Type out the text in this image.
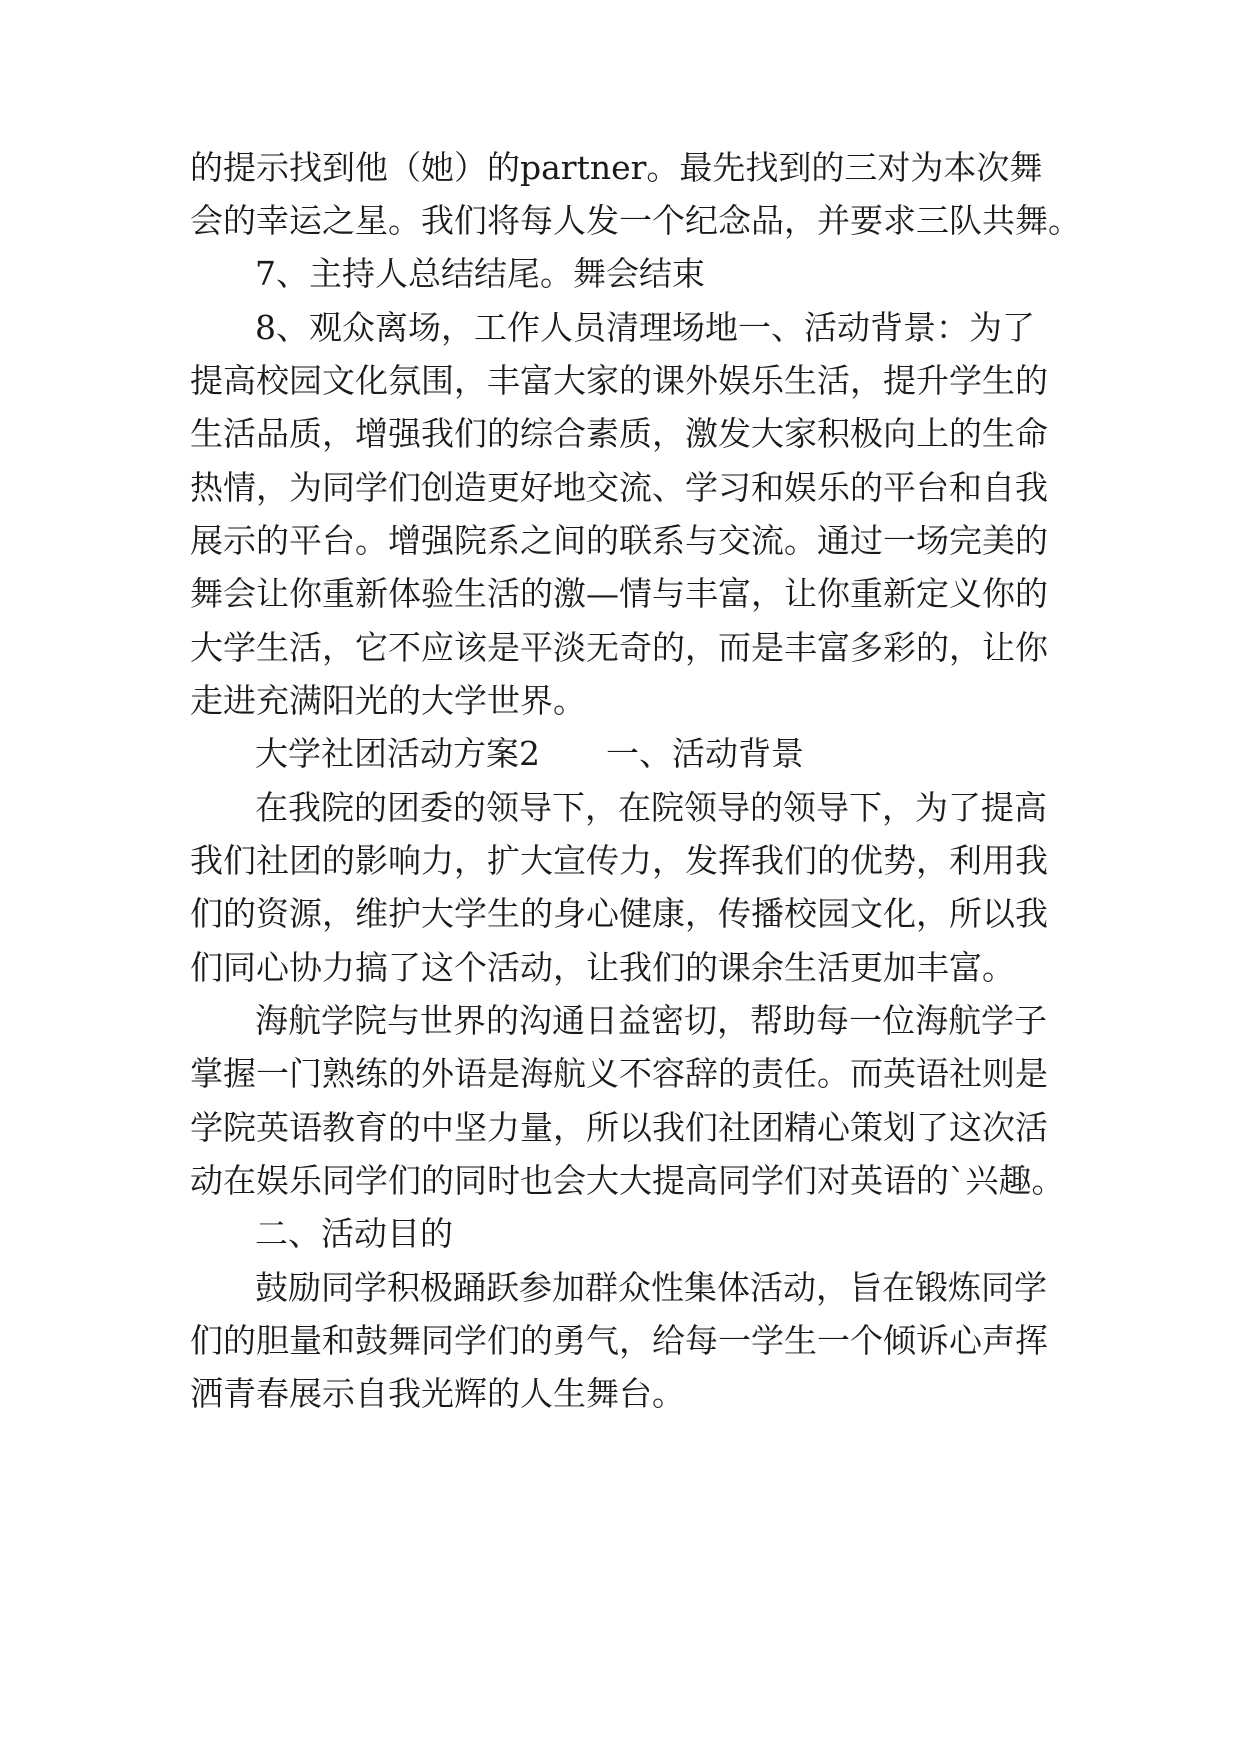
的提示找到他（她）的partner。最先找到的三对为本次舞
会的幸运之星。我们将每人发一个纪念品，并要求三队共舞。
7、主持人总结结尾。舞会结束
8、观众离场，工作人员清理场地一、活动背景：为了
提高校园文化氛围，丰富大家的课外娱乐生活，提升学生的
生活品质，增强我们的综合素质，激发大家积极向上的生命
热情，为同学们创造更好地交流、学习和娱乐的平台和自我
展示的平台。增强院系之间的联系与交流。通过一场完美的
舞会让你重新体验生活的激—情与丰富，让你重新定义你的
大学生活，它不应该是平淡无奇的，而是丰富多彩的，让你
走进充满阳光的大学世界。
大学社团活动方案2　　一、活动背景
在我院的团委的领导下，在院领导的领导下，为了提高
我们社团的影响力，扩大宣传力，发挥我们的优势，利用我
们的资源，维护大学生的身心健康，传播校园文化，所以我
们同心协力搞了这个活动，让我们的课余生活更加丰富。
海航学院与世界的沟通日益密切，帮助每一位海航学子
掌握一门熟练的外语是海航义不容辞的责任。而英语社则是
学院英语教育的中坚力量，所以我们社团精心策划了这次活
动在娱乐同学们的同时也会大大提高同学们对英语的`兴趣。
二、活动目的
鼓励同学积极踊跃参加群众性集体活动，旨在锻炼同学
们的胆量和鼓舞同学们的勇气，给每一学生一个倾诉心声挥
洒青春展示自我光辉的人生舞台。
